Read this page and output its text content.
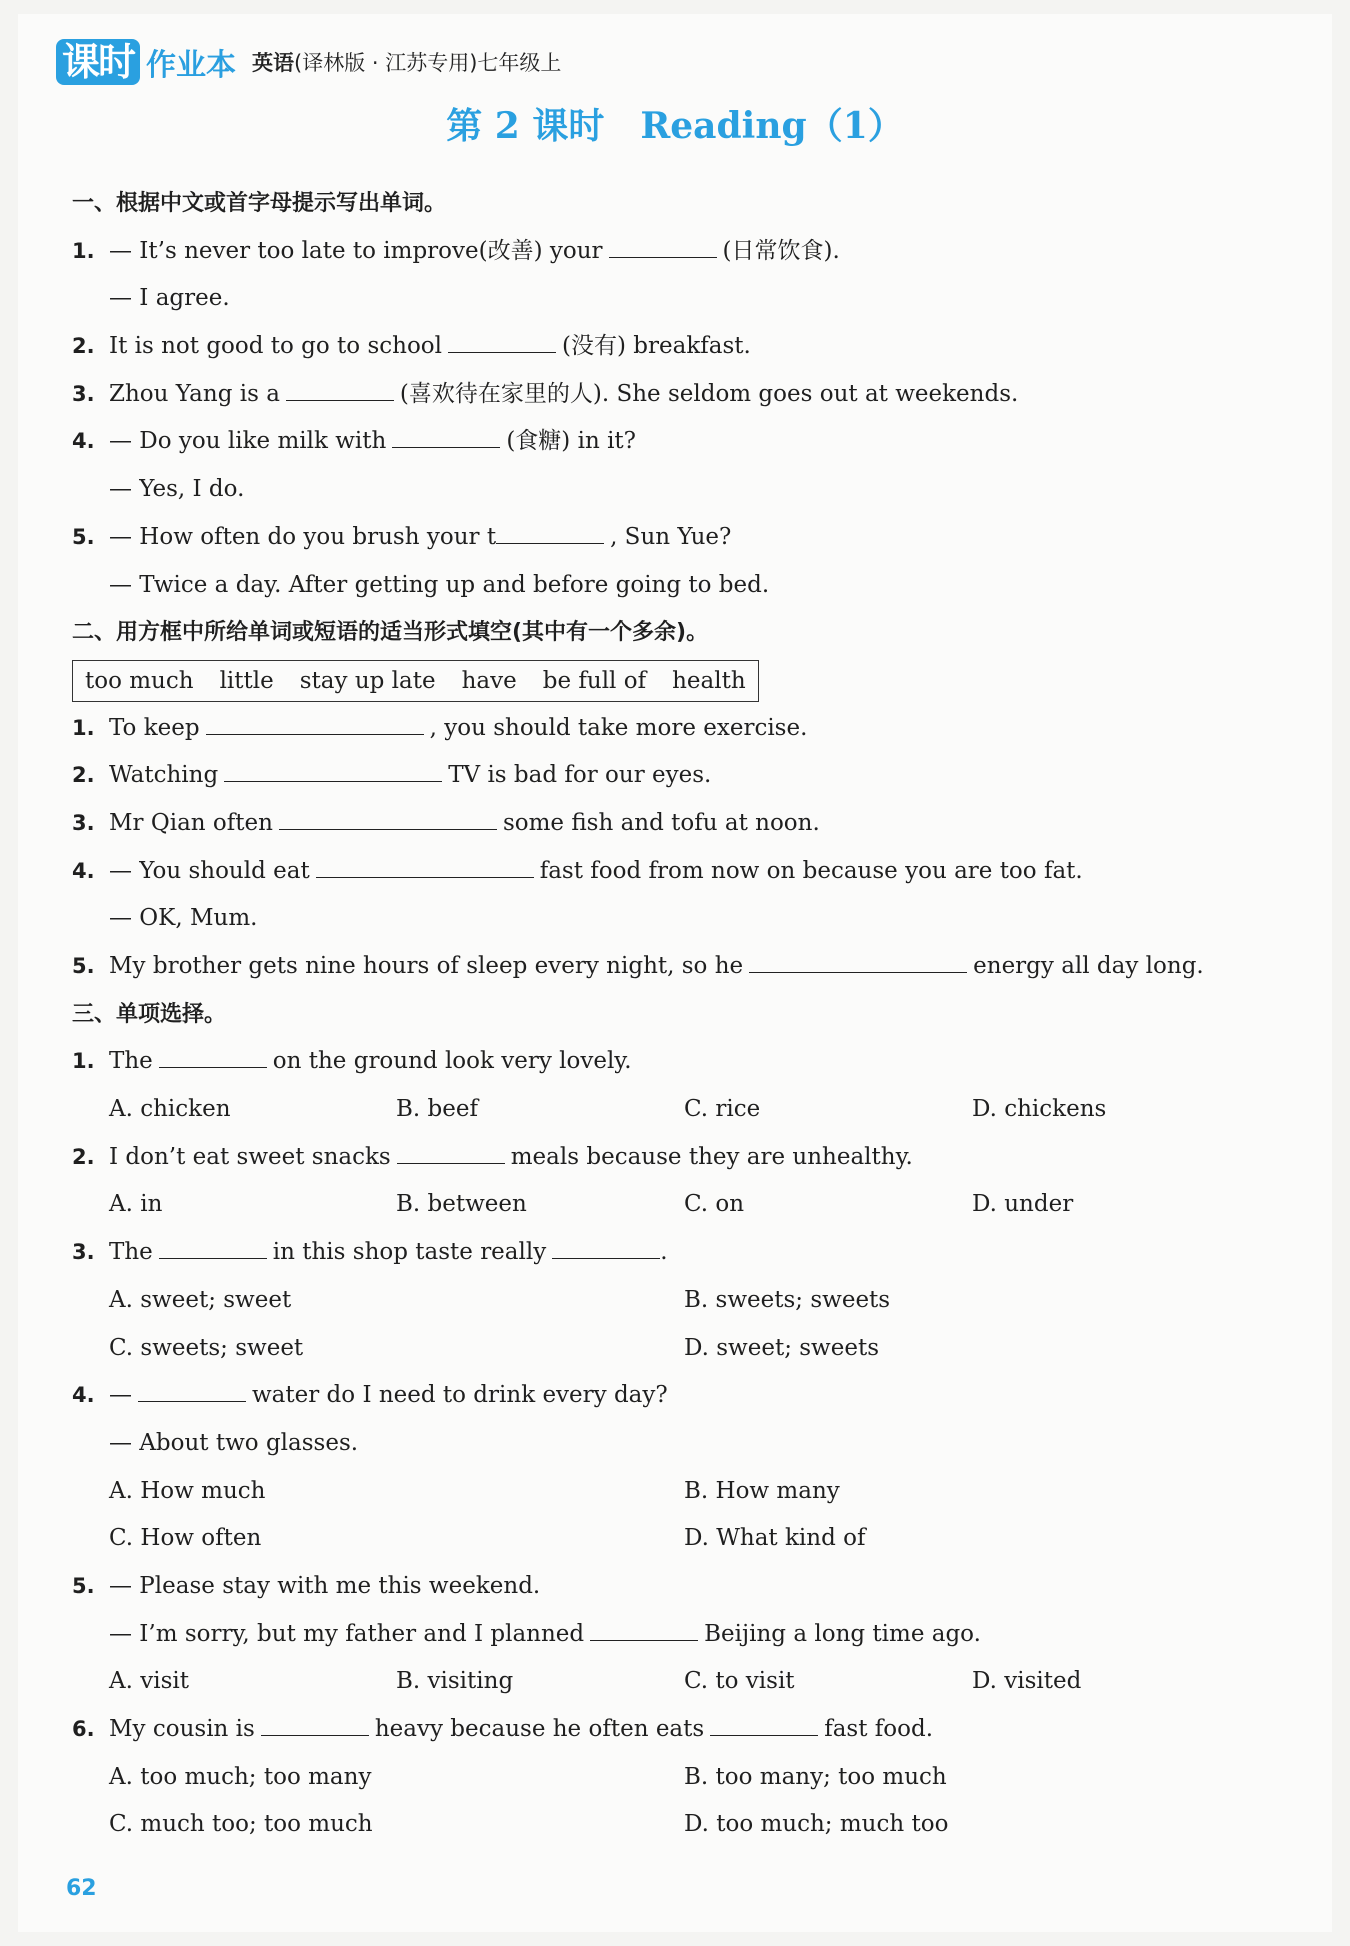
课时 作业本 英语(译林版 · 江苏专用)七年级上
第 2 课时　Reading（1）
一、根据中文或首字母提示写出单词。
1. — It’s never too late to improve(改善) your	(日常饮食).
— I agree.
2. It is not good to go to school	(没有) breakfast.
3. Zhou Yang is a	(喜欢待在家里的人). She seldom goes out at weekends.
4. — Do you like milk with	(食糖) in it?
— Yes, I do.
5. — How often do you brush your t	, Sun Yue?
— Twice a day. After getting up and before going to bed.
二、用方框中所给单词或短语的适当形式填空(其中有一个多余)。
too much little stay up late have be full of health
1. To keep	, you should take more exercise.
2. Watching	TV is bad for our eyes.
3. Mr Qian often	some fish and tofu at noon.
4. — You should eat	fast food from now on because you are too fat.
— OK, Mum.
5. My brother gets nine hours of sleep every night, so he	energy all day long.
三、单项选择。
1. The	on the ground look very lovely.
A. chicken	B. beef	C. rice	D. chickens
2. I don’t eat sweet snacks	meals because they are unhealthy.
A. in	B. between	C. on	D. under
3. The	in this shop taste really	.
A. sweet; sweet	B. sweets; sweets
C. sweets; sweet	D. sweet; sweets
4. —	water do I need to drink every day?
— About two glasses.
A. How much	B. How many
C. How often	D. What kind of
5. — Please stay with me this weekend.
— I’m sorry, but my father and I planned	Beijing a long time ago.
A. visit	B. visiting	C. to visit	D. visited
6. My cousin is	heavy because he often eats	fast food.
A. too much; too many	B. too many; too much
C. much too; too much	D. too much; much too
62
